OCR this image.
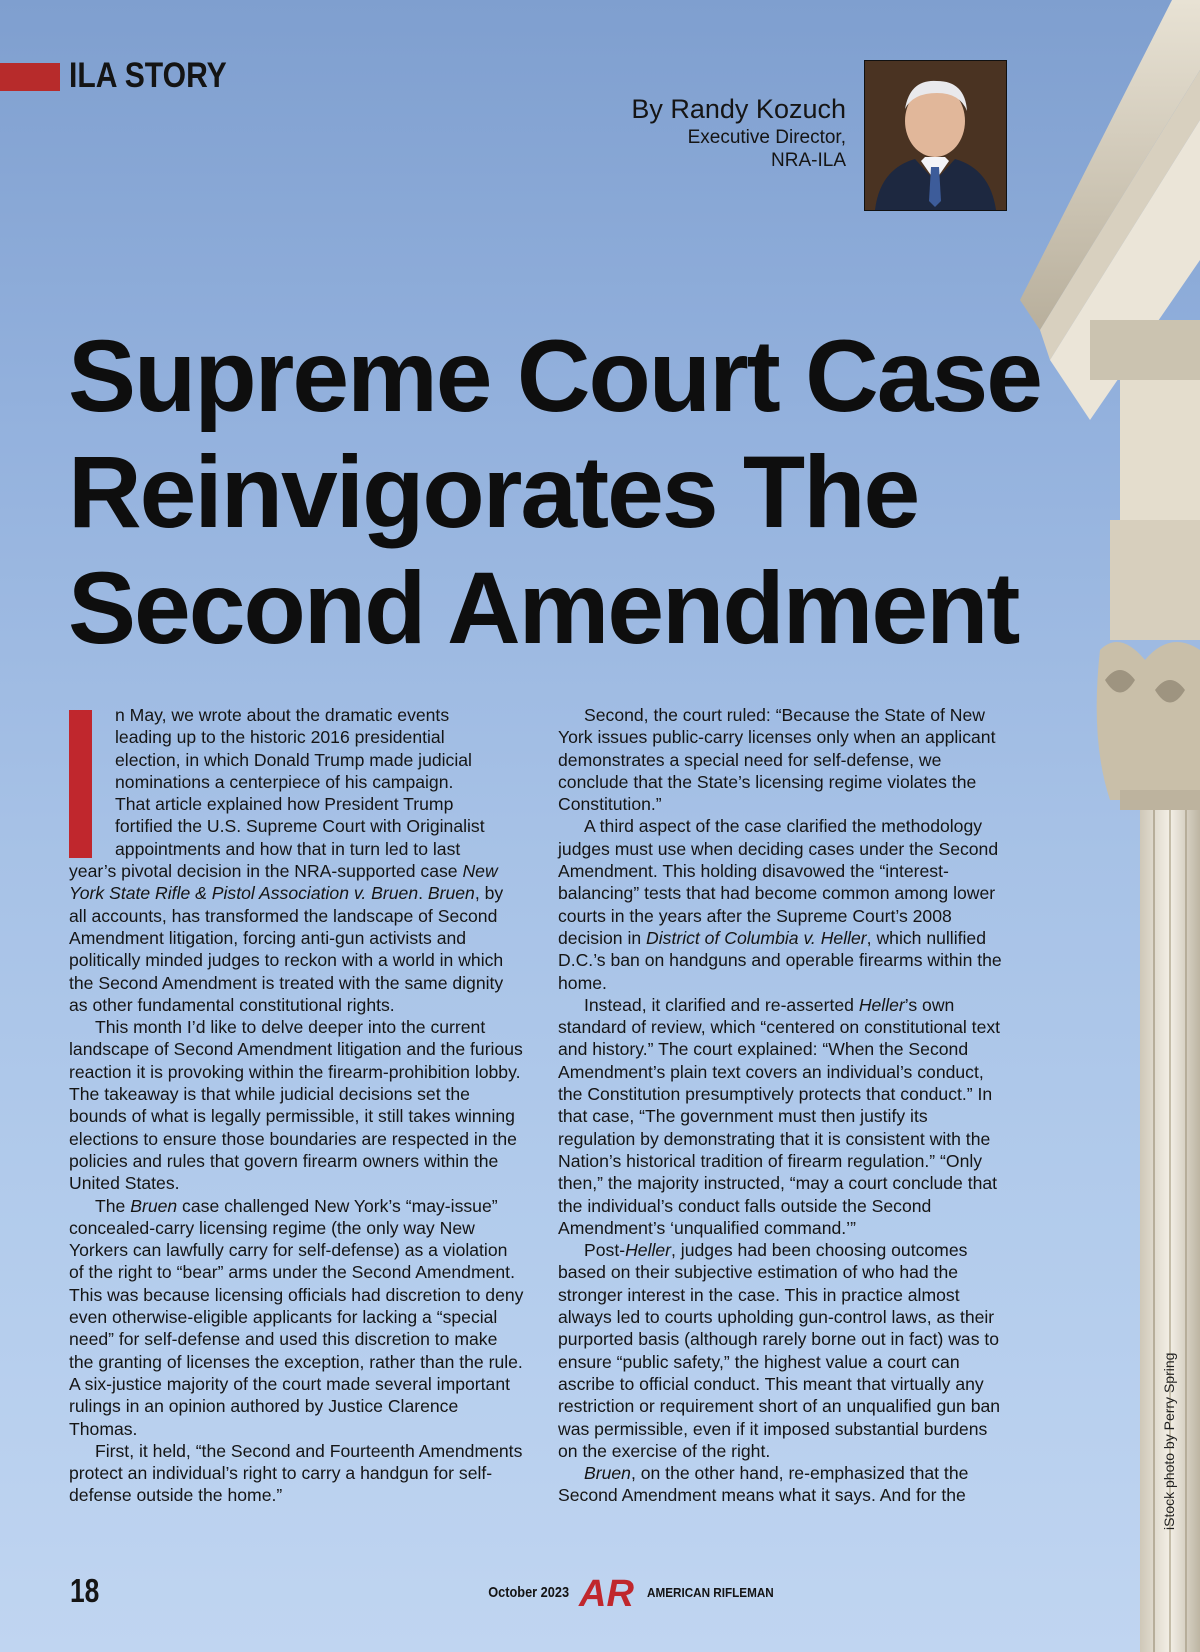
ILA STORY
By Randy Kozuch
Executive Director,
NRA-ILA
Supreme Court Case
Reinvigorates The
Second Amendment
n May, we wrote about the dramatic events
leading up to the historic 2016 presidential
election, in which Donald Trump made judicial
nominations a centerpiece of his campaign.
That article explained how President Trump
fortified the U.S. Supreme Court with Originalist
appointments and how that in turn led to last

year’s pivotal decision in the NRA-supported case New York State Rifle & Pistol Association v. Bruen. Bruen, by all accounts, has transformed the landscape of Second Amendment litigation, forcing anti-gun activists and politically minded judges to reckon with a world in which the Second Amendment is treated with the same dignity as other fundamental constitutional rights.

This month I’d like to delve deeper into the current landscape of Second Amendment litigation and the furious reaction it is provoking within the firearm-prohibition lobby. The takeaway is that while judicial decisions set the bounds of what is legally permissible, it still takes winning elections to ensure those boundaries are respected in the policies and rules that govern firearm owners within the United States.

The Bruen case challenged New York’s “may-issue” concealed-carry licensing regime (the only way New Yorkers can lawfully carry for self-defense) as a violation of the right to “bear” arms under the Second Amendment. This was because licensing officials had discretion to deny even otherwise-eligible applicants for lacking a “special need” for self-defense and used this discretion to make the granting of licenses the exception, rather than the rule. A six-justice majority of the court made several important rulings in an opinion authored by Justice Clarence Thomas.

First, it held, “the Second and Fourteenth Amendments protect an individual’s right to carry a handgun for self-defense outside the home.”

Second, the court ruled: “Because the State of New York issues public-carry licenses only when an applicant demonstrates a special need for self-defense, we conclude that the State’s licensing regime violates the Constitution.”

A third aspect of the case clarified the methodology judges must use when deciding cases under the Second Amendment. This holding disavowed the “interest-balancing” tests that had become common among lower courts in the years after the Supreme Court’s 2008 decision in District of Columbia v. Heller, which nullified D.C.’s ban on handguns and operable firearms within the home.

Instead, it clarified and re-asserted Heller’s own standard of review, which “centered on constitutional text and history.” The court explained: “When the Second Amendment’s plain text covers an individual’s conduct, the Constitution presumptively protects that conduct.” In that case, “The government must then justify its regulation by demonstrating that it is consistent with the Nation’s historical tradition of firearm regulation.” “Only then,” the majority instructed, “may a court conclude that the individual’s conduct falls outside the Second Amendment’s ‘unqualified command.’”

Post-Heller, judges had been choosing outcomes based on their subjective estimation of who had the stronger interest in the case. This in practice almost always led to courts upholding gun-control laws, as their purported basis (although rarely borne out in fact) was to ensure “public safety,” the highest value a court can ascribe to official conduct. This meant that virtually any restriction or requirement short of an unqualified gun ban was permissible, even if it imposed substantial burdens on the exercise of the right.

Bruen, on the other hand, re-emphasized that the Second Amendment means what it says. And for the	iStock photo by Perry Spring
18	October 2023 AR AMERICAN RIFLEMAN
